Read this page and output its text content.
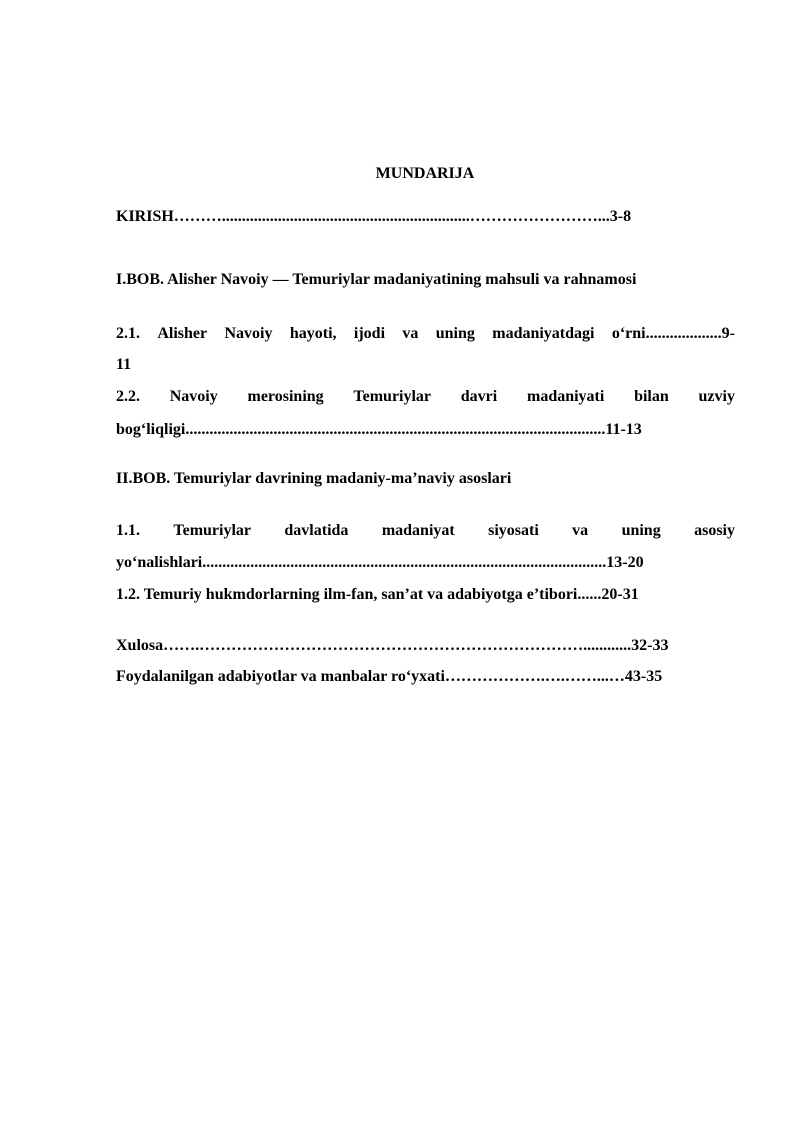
MUNDARIJA

KIRISH………..............................................................……………………...3-8

I.BOB. Alisher Navoiy — Temuriylar madaniyatining mahsuli va rahnamosi

2.1. Alisher Navoiy hayoti, ijodi va uning madaniyatdagi o‘rni...................9-

11

2.2. Navoiy merosining Temuriylar davri madaniyati bilan uzviy

bog‘liqligi.........................................................................................................11-13

II.BOB. Temuriylar davrining madaniy-ma’naviy asoslari

1.1. Temuriylar davlatida madaniyat siyosati va uning asosiy

yo‘nalishlari.....................................................................................................13-20

1.2. Temuriy hukmdorlarning ilm-fan, san’at va adabiyotga e’tibori......20-31

Xulosa…….………………………………………………………………............32-33

Foydalanilgan adabiyotlar va manbalar ro‘yxati……………….….……...…43-35
